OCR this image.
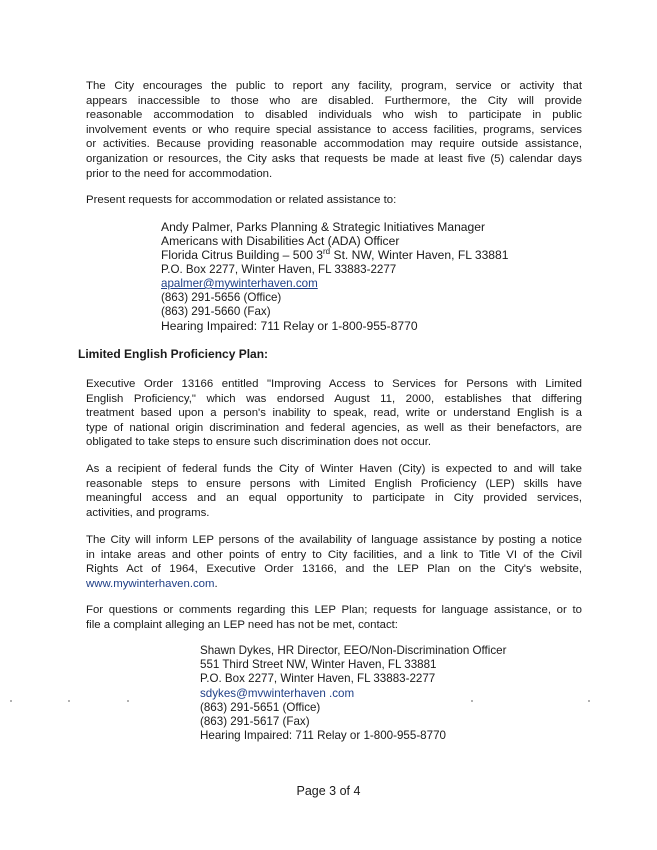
The City encourages the public to report any facility, program, service or activity that
appears inaccessible to those who are disabled. Furthermore, the City will provide
reasonable accommodation to disabled individuals who wish to participate in public
involvement events or who require special assistance to access facilities, programs, services
or activities. Because providing reasonable accommodation may require outside assistance,
organization or resources, the City asks that requests be made at least five (5) calendar days
prior to the need for accommodation.
Present requests for accommodation or related assistance to:
Andy Palmer, Parks Planning & Strategic Initiatives Manager
Americans with Disabilities Act (ADA) Officer
Florida Citrus Building – 500 3rd St. NW, Winter Haven, FL 33881
P.O. Box 2277, Winter Haven, FL 33883-2277
apalmer@mywinterhaven.com
(863) 291-5656 (Office)
(863) 291-5660 (Fax)
Hearing Impaired: 711 Relay or 1-800-955-8770
Limited English Proficiency Plan:
Executive Order 13166 entitled "Improving Access to Services for Persons with Limited
English Proficiency," which was endorsed August 11, 2000, establishes that differing
treatment based upon a person's inability to speak, read, write or understand English is a
type of national origin discrimination and federal agencies, as well as their benefactors, are
obligated to take steps to ensure such discrimination does not occur.
As a recipient of federal funds the City of Winter Haven (City) is expected to and will take
reasonable steps to ensure persons with Limited English Proficiency (LEP) skills have
meaningful access and an equal opportunity to participate in City provided services,
activities, and programs.
The City will inform LEP persons of the availability of language assistance by posting a notice
in intake areas and other points of entry to City facilities, and a link to Title VI of the Civil
Rights Act of 1964, Executive Order 13166, and the LEP Plan on the City's website,
www.mywinterhaven.com.
For questions or comments regarding this LEP Plan; requests for language assistance, or to
file a complaint alleging an LEP need has not be met, contact:
Shawn Dykes, HR Director, EEO/Non-Discrimination Officer
551 Third Street NW, Winter Haven, FL 33881
P.O. Box 2277, Winter Haven, FL 33883-2277
sdykes@mvwinterhaven .com
(863) 291-5651 (Office)
(863) 291-5617 (Fax)
Hearing Impaired: 711 Relay or 1-800-955-8770
Page 3 of 4
